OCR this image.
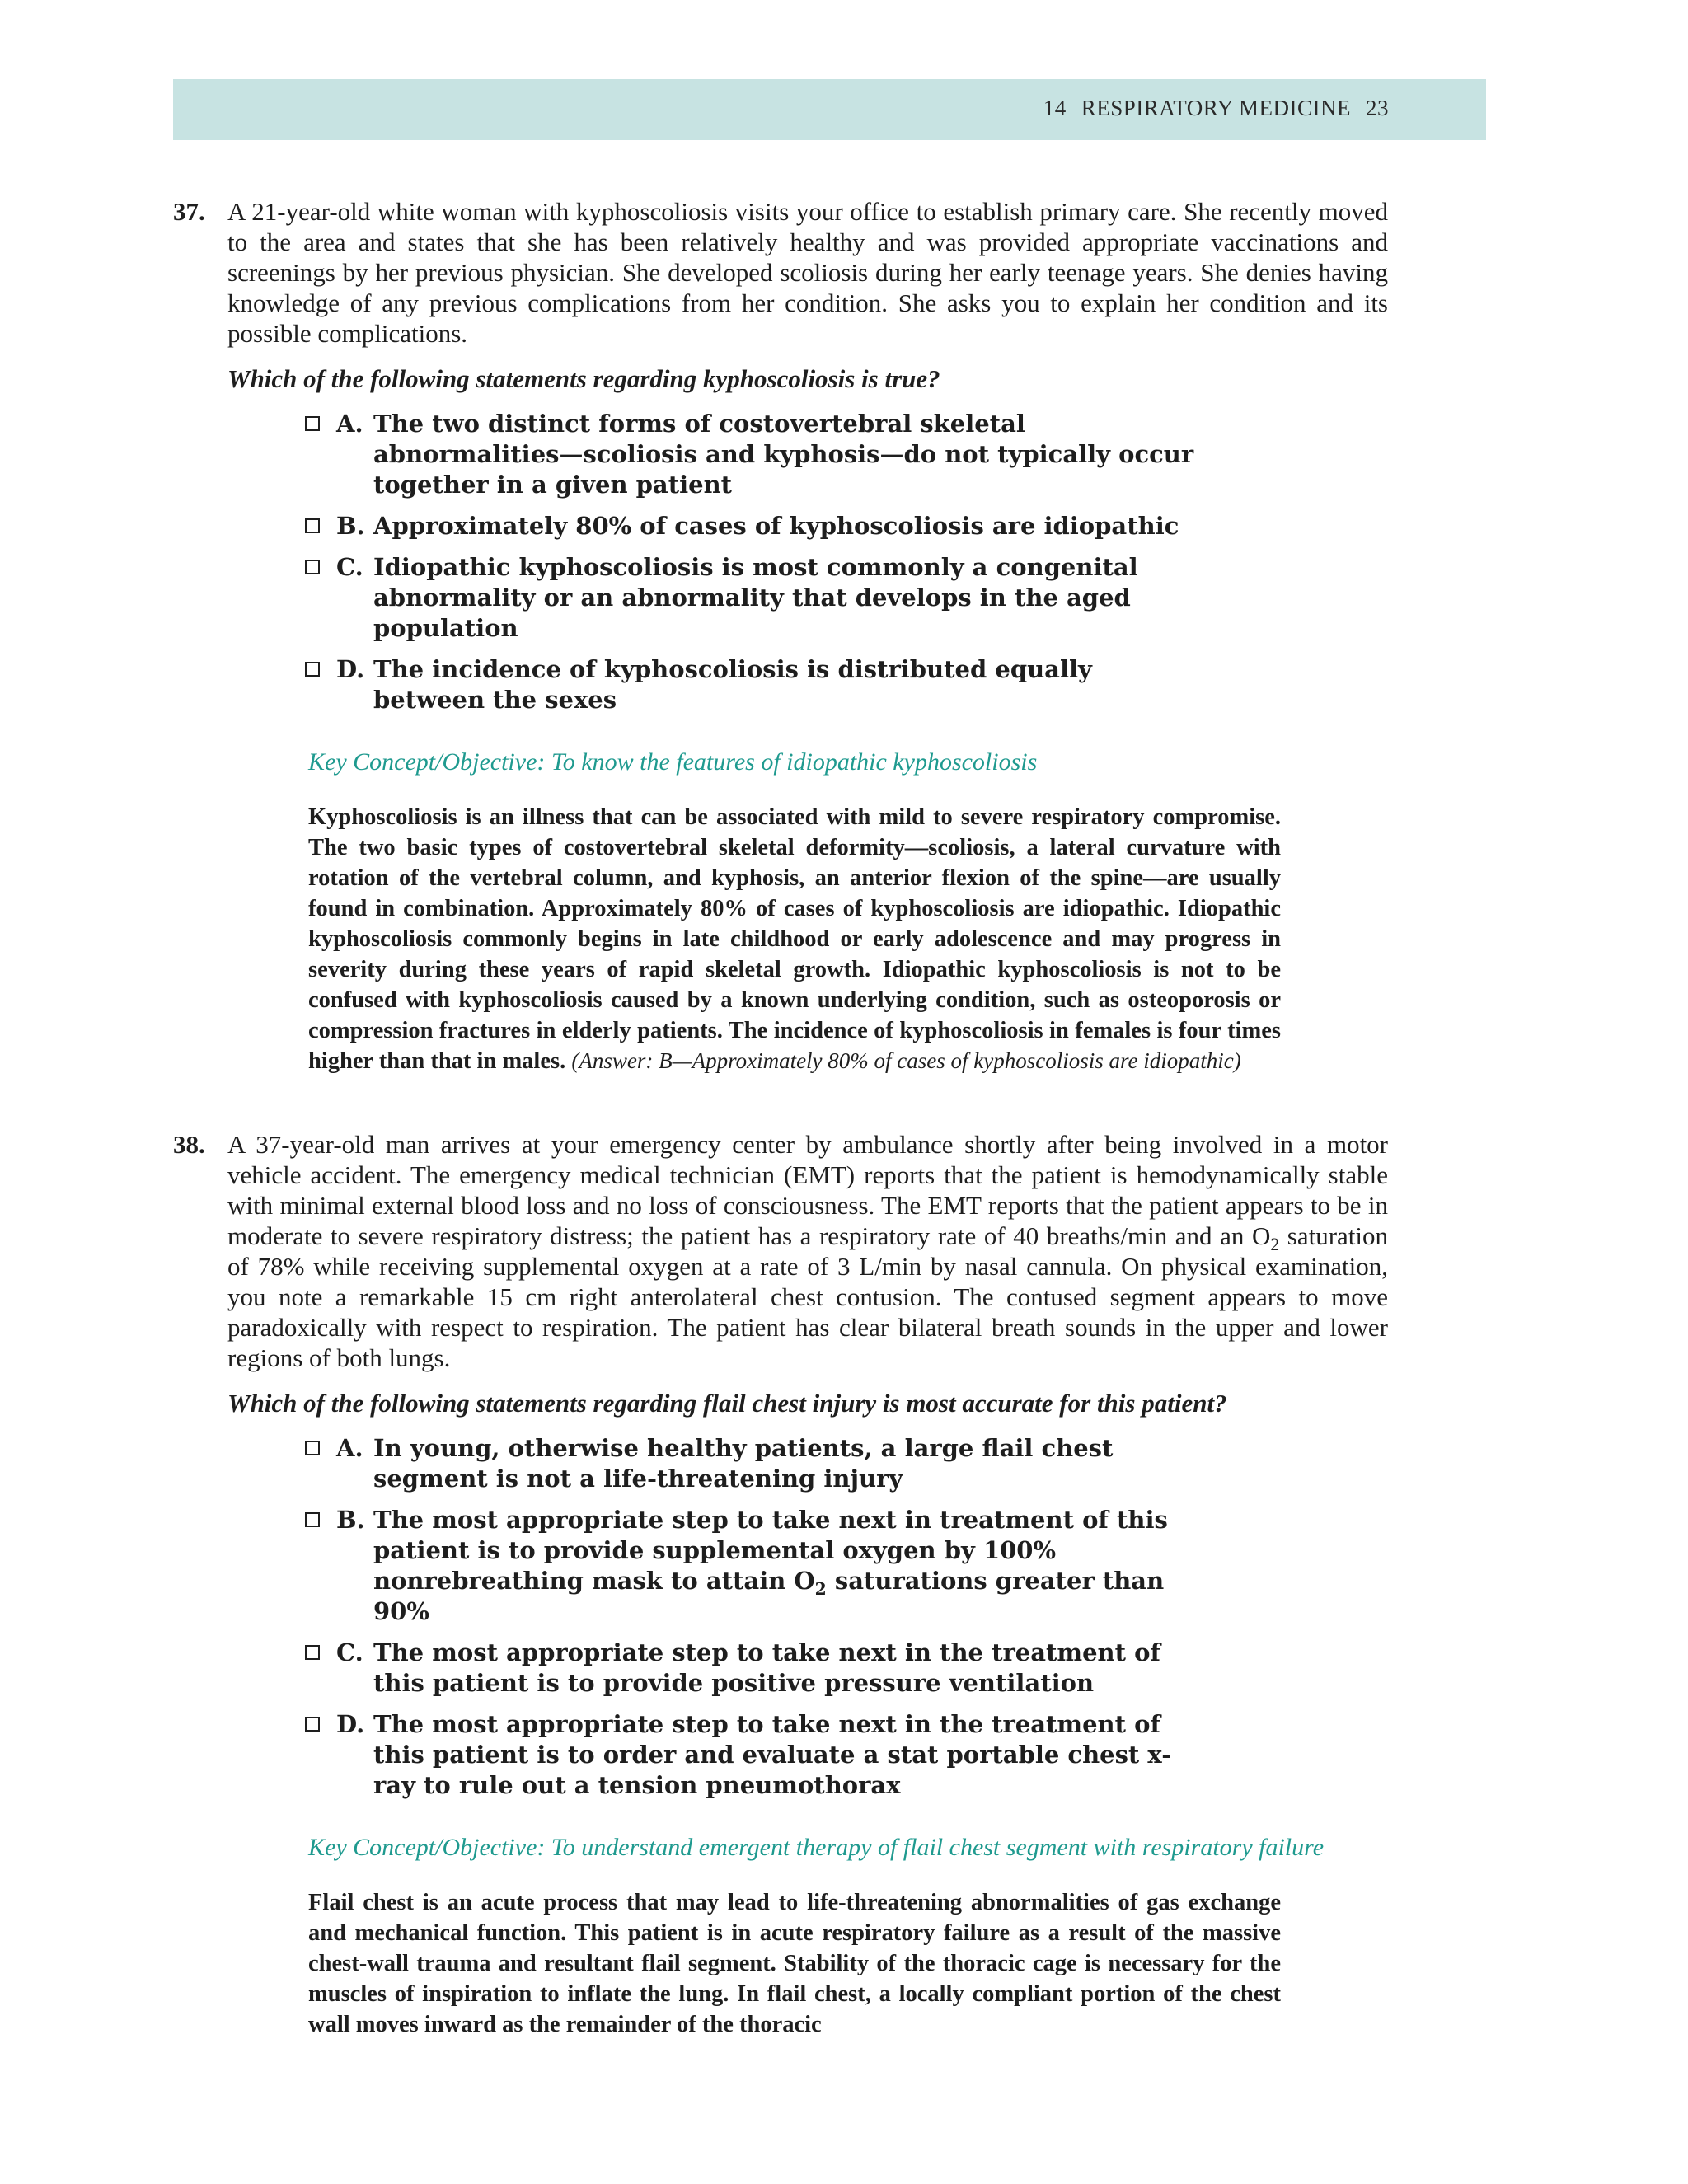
14 RESPIRATORY MEDICINE 23
37. A 21-year-old white woman with kyphoscoliosis visits your office to establish primary care. She recently moved to the area and states that she has been relatively healthy and was provided appropriate vaccinations and screenings by her previous physician. She developed scoliosis during her early teenage years. She denies having knowledge of any previous complications from her condition. She asks you to explain her condition and its possible complications.

Which of the following statements regarding kyphoscoliosis is true?

A. The two distinct forms of costovertebral skeletal abnormalities—scoliosis and kyphosis—do not typically occur together in a given patient
B. Approximately 80% of cases of kyphoscoliosis are idiopathic
C. Idiopathic kyphoscoliosis is most commonly a congenital abnormality or an abnormality that develops in the aged population
D. The incidence of kyphoscoliosis is distributed equally between the sexes
Key Concept/Objective: To know the features of idiopathic kyphoscoliosis
Kyphoscoliosis is an illness that can be associated with mild to severe respiratory compromise. The two basic types of costovertebral skeletal deformity—scoliosis, a lateral curvature with rotation of the vertebral column, and kyphosis, an anterior flexion of the spine—are usually found in combination. Approximately 80% of cases of kyphoscoliosis are idiopathic. Idiopathic kyphoscoliosis commonly begins in late childhood or early adolescence and may progress in severity during these years of rapid skeletal growth. Idiopathic kyphoscoliosis is not to be confused with kyphoscoliosis caused by a known underlying condition, such as osteoporosis or compression fractures in elderly patients. The incidence of kyphoscoliosis in females is four times higher than that in males. (Answer: B—Approximately 80% of cases of kyphoscoliosis are idiopathic)
38. A 37-year-old man arrives at your emergency center by ambulance shortly after being involved in a motor vehicle accident. The emergency medical technician (EMT) reports that the patient is hemodynamically stable with minimal external blood loss and no loss of consciousness. The EMT reports that the patient appears to be in moderate to severe respiratory distress; the patient has a respiratory rate of 40 breaths/min and an $O_2$ saturation of 78% while receiving supplemental oxygen at a rate of 3 L/min by nasal cannula. On physical examination, you note a remarkable 15 cm right anterolateral chest contusion. The contused segment appears to move paradoxically with respect to respiration. The patient has clear bilateral breath sounds in the upper and lower regions of both lungs.

Which of the following statements regarding flail chest injury is most accurate for this patient?

A. In young, otherwise healthy patients, a large flail chest segment is not a life-threatening injury
B. The most appropriate step to take next in treatment of this patient is to provide supplemental oxygen by 100% nonrebreathing mask to attain $O_2$ saturations greater than 90%
C. The most appropriate step to take next in the treatment of this patient is to provide positive pressure ventilation
D. The most appropriate step to take next in the treatment of this patient is to order and evaluate a stat portable chest x-ray to rule out a tension pneumothorax
Key Concept/Objective: To understand emergent therapy of flail chest segment with respiratory failure
Flail chest is an acute process that may lead to life-threatening abnormalities of gas exchange and mechanical function. This patient is in acute respiratory failure as a result of the massive chest-wall trauma and resultant flail segment. Stability of the thoracic cage is necessary for the muscles of inspiration to inflate the lung. In flail chest, a locally compliant portion of the chest wall moves inward as the remainder of the thoracic
